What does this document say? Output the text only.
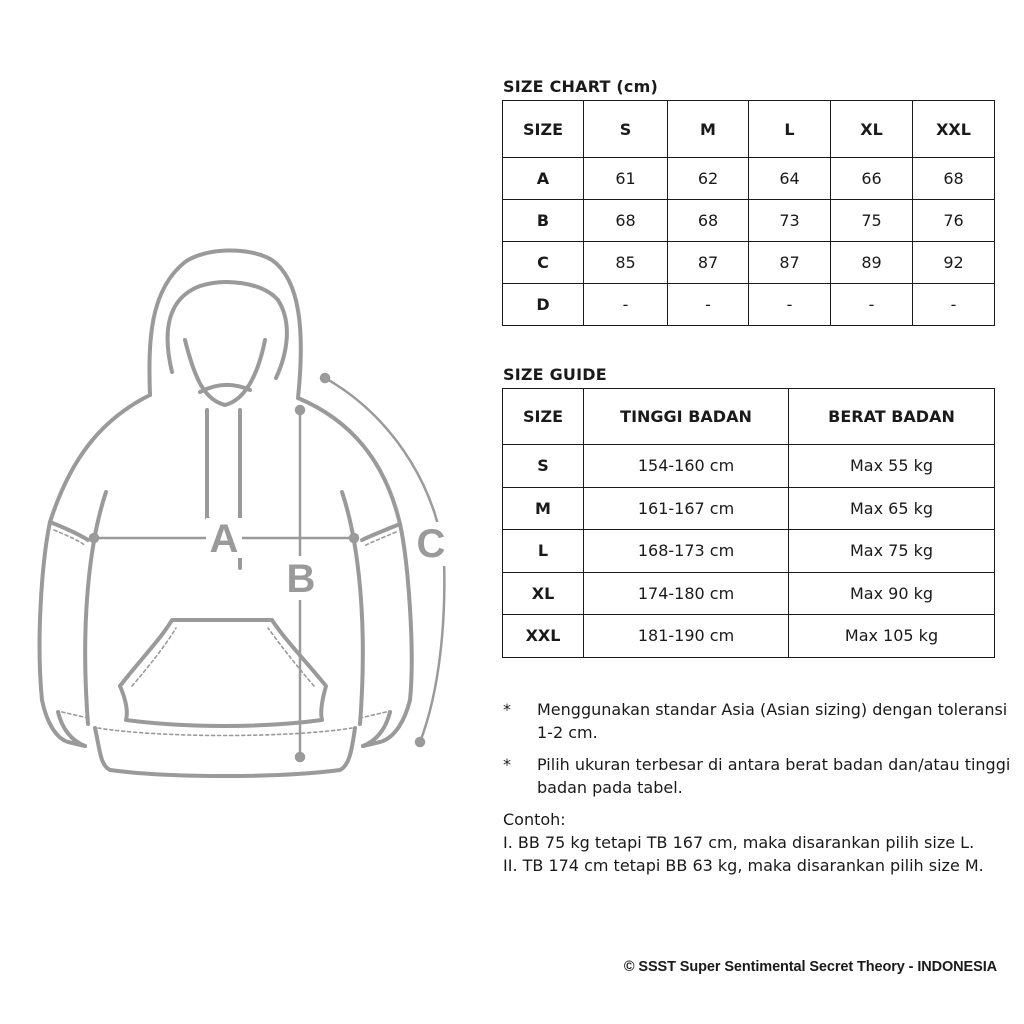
A
B
C
SIZE CHART (cm)
SIZE	S	M	L	XL	XXL
A	61	62	64	66	68
B	68	68	73	75	76
C	85	87	87	89	92
D	-	-	-	-	-
SIZE GUIDE
SIZE	TINGGI BADAN	BERAT BADAN
S	154-160 cm	Max 55 kg
M	161-167 cm	Max 65 kg
L	168-173 cm	Max 75 kg
XL	174-180 cm	Max 90 kg
XXL	181-190 cm	Max 105 kg
* Menggunakan standar Asia (Asian sizing) dengan toleransi 1-2 cm.
* Pilih ukuran terbesar di antara berat badan dan/atau tinggi badan pada tabel.
Contoh:
I. BB 75 kg tetapi TB 167 cm, maka disarankan pilih size L.
II. TB 174 cm tetapi BB 63 kg, maka disarankan pilih size M.
© SSST Super Sentimental Secret Theory - INDONESIA
